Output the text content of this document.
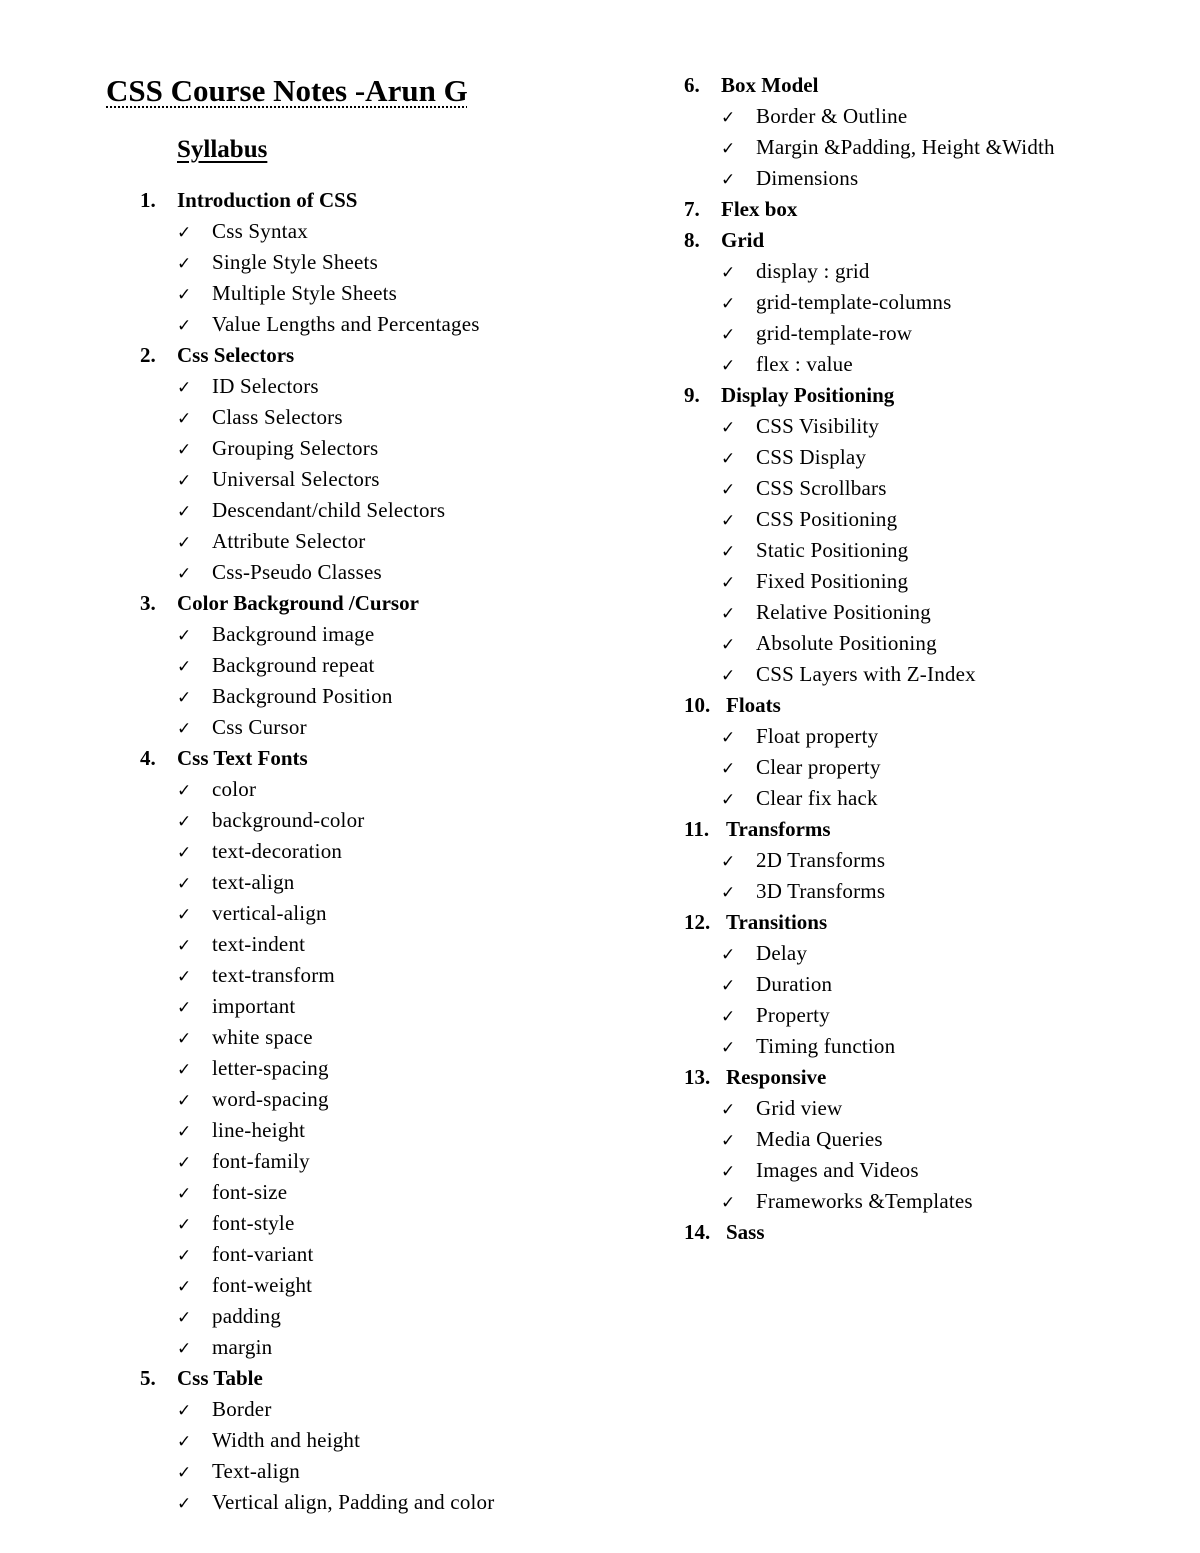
CSS Course Notes -Arun G
Syllabus
1.	Introduction of CSS
✓ Css Syntax
✓ Single Style Sheets
✓ Multiple Style Sheets
✓ Value Lengths and Percentages
2.	Css Selectors
✓ ID Selectors
✓ Class Selectors
✓ Grouping Selectors
✓ Universal Selectors
✓ Descendant/child Selectors
✓ Attribute Selector
✓ Css-Pseudo Classes
3.	Color Background /Cursor
✓ Background image
✓ Background repeat
✓ Background Position
✓ Css Cursor
4.	Css Text Fonts
✓ color
✓ background-color
✓ text-decoration
✓ text-align
✓ vertical-align
✓ text-indent
✓ text-transform
✓ important
✓ white space
✓ letter-spacing
✓ word-spacing
✓ line-height
✓ font-family
✓ font-size
✓ font-style
✓ font-variant
✓ font-weight
✓ padding
✓ margin
5.	Css Table
✓ Border
✓ Width and height
✓ Text-align
✓ Vertical align, Padding and color
6.	Box Model
✓ Border & Outline
✓ Margin &Padding, Height &Width
✓ Dimensions
7.	Flex box
8.	Grid
✓ display : grid
✓ grid-template-columns
✓ grid-template-row
✓ flex : value
9.	Display Positioning
✓ CSS Visibility
✓ CSS Display
✓ CSS Scrollbars
✓ CSS Positioning
✓ Static Positioning
✓ Fixed Positioning
✓ Relative Positioning
✓ Absolute Positioning
✓ CSS Layers with Z-Index
10. Floats
✓ Float property
✓ Clear property
✓ Clear fix hack
11. Transforms
✓ 2D Transforms
✓ 3D Transforms
12. Transitions
✓ Delay
✓ Duration
✓ Property
✓ Timing function
13. Responsive
✓ Grid view
✓ Media Queries
✓ Images and Videos
✓ Frameworks &Templates
14. Sass
